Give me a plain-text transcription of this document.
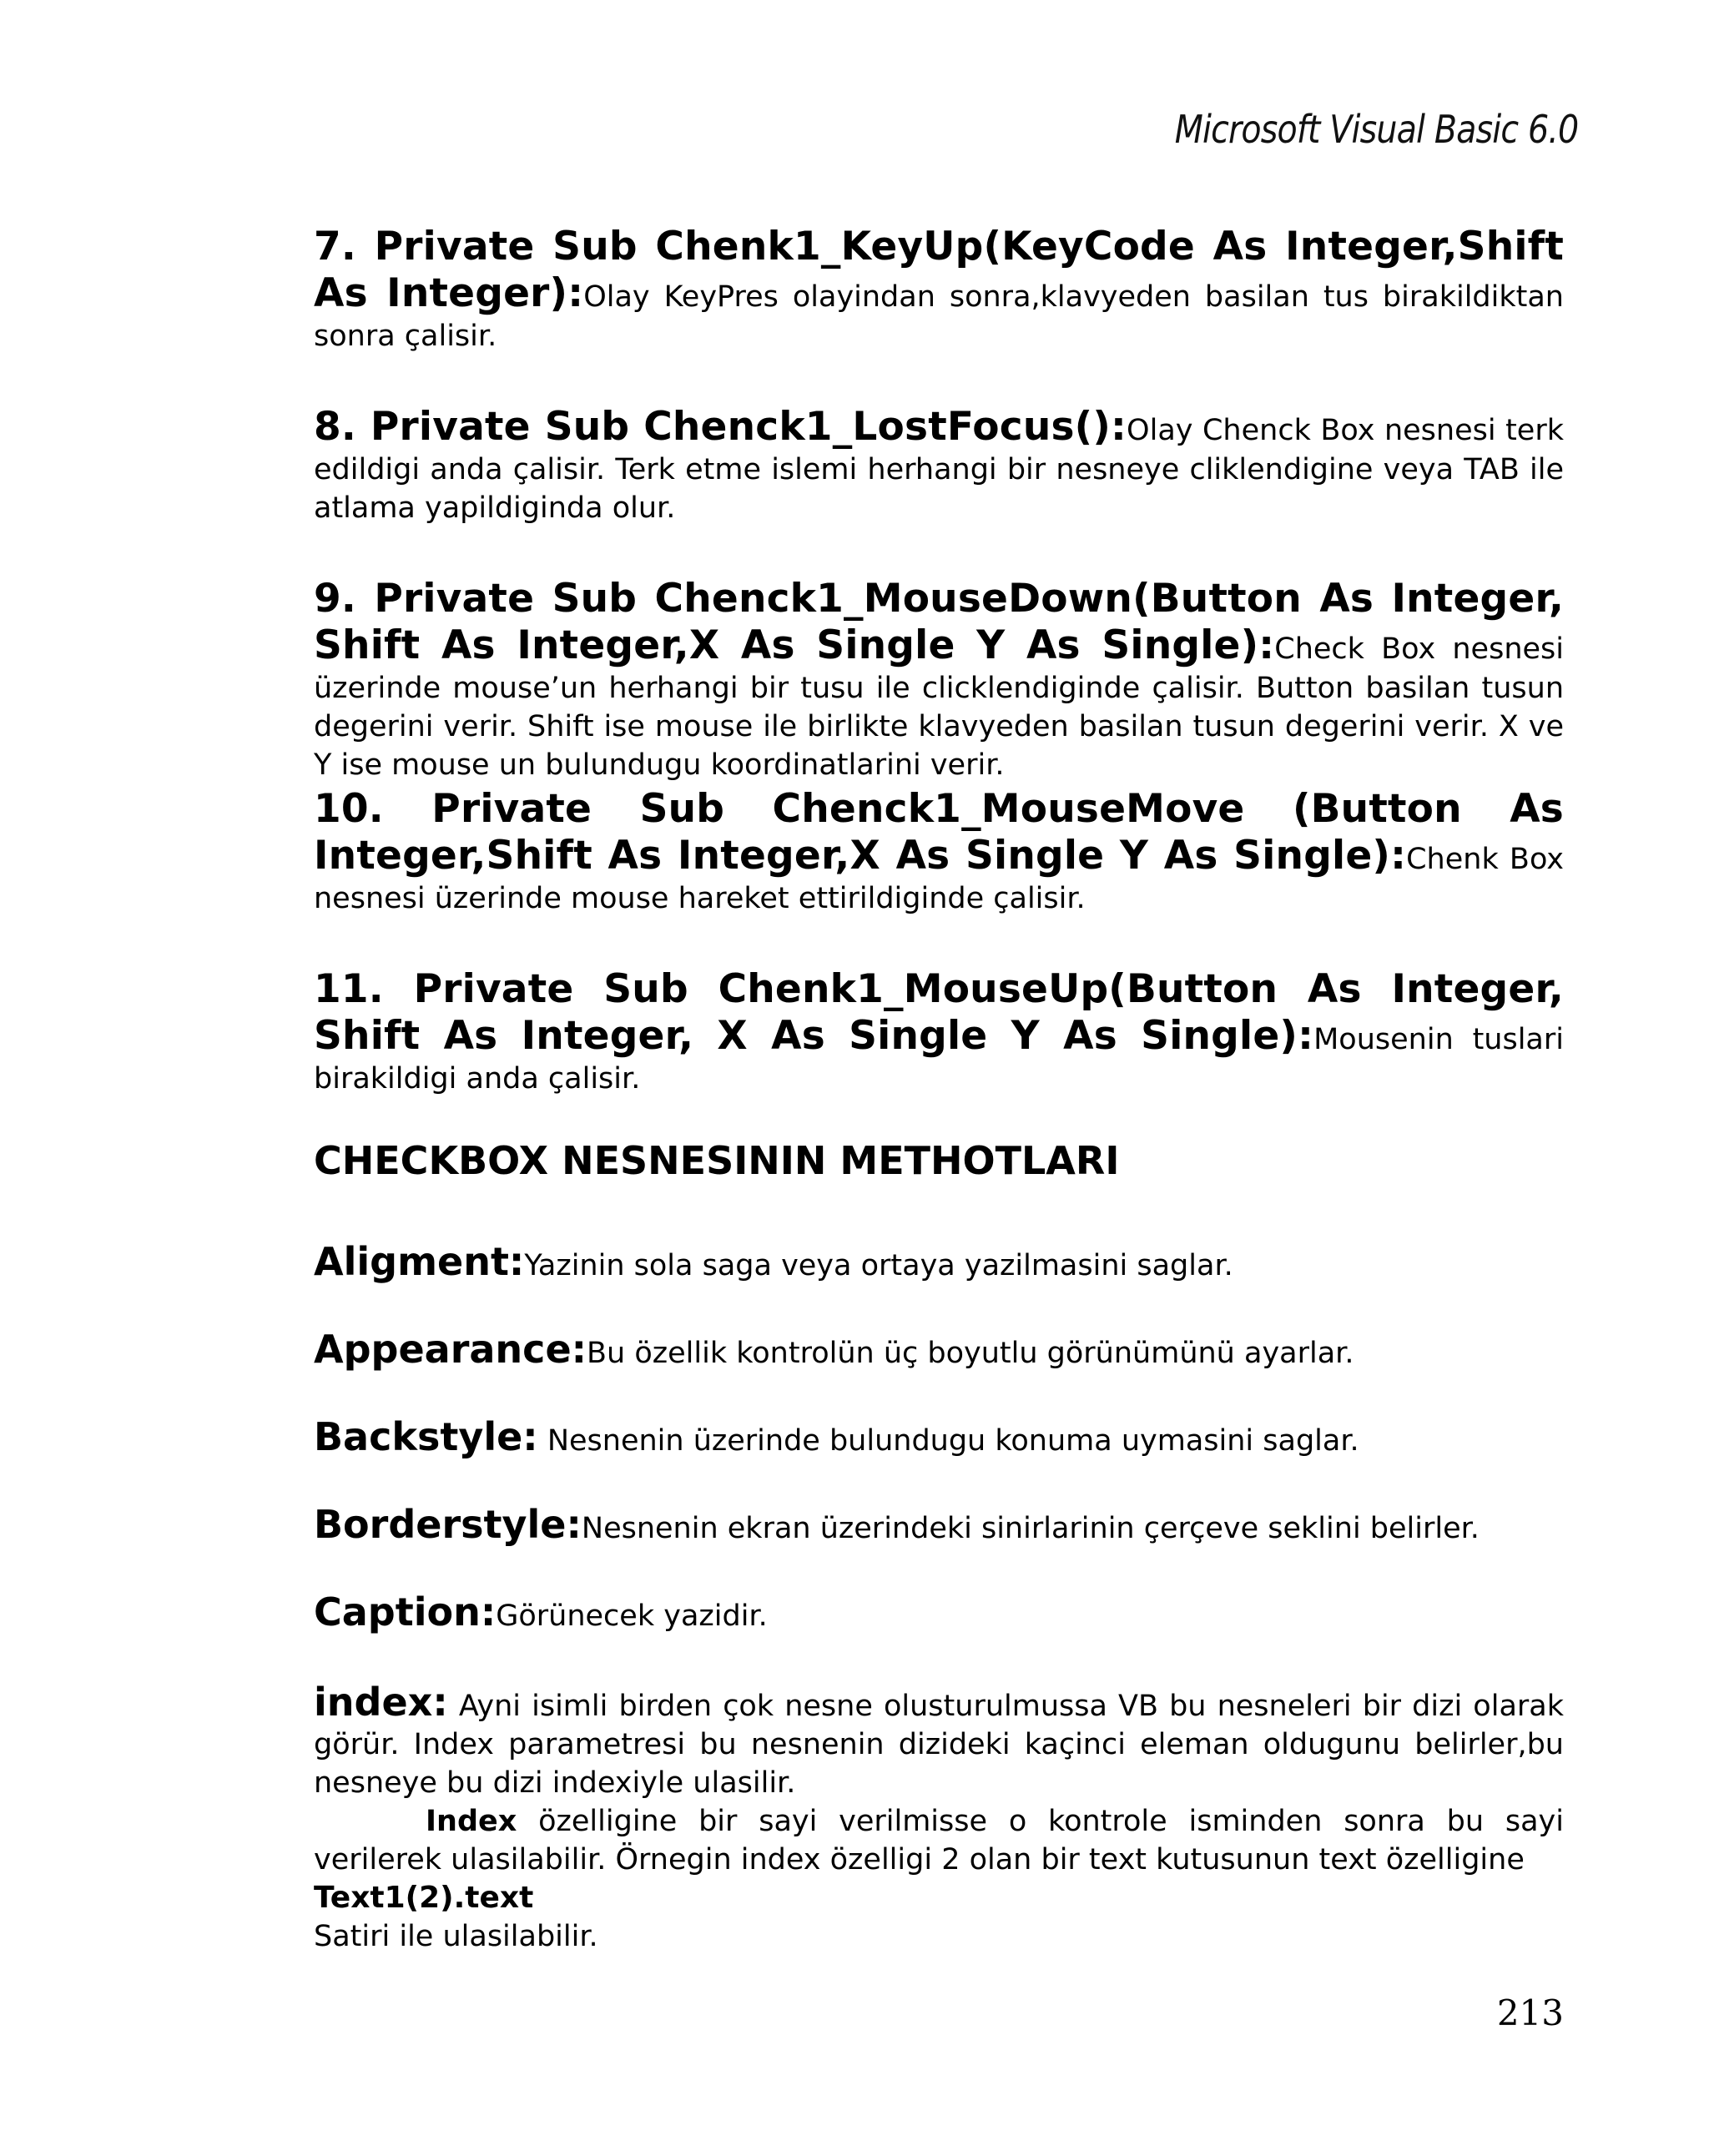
Microsoft Visual Basic 6.0

7. Private Sub Chenk1_KeyUp(KeyCode As Integer,Shift As Integer):Olay KeyPres olayindan sonra,klavyeden basilan tus birakildiktan sonra çalisir.

8. Private Sub Chenck1_LostFocus():Olay Chenck Box nesnesi terk edildigi anda çalisir. Terk etme islemi herhangi bir nesneye cliklendigine veya TAB ile atlama yapildiginda olur.

9. Private Sub Chenck1_MouseDown(Button As Integer, Shift As Integer,X As Single Y As Single):Check Box nesnesi üzerinde mouse’un herhangi bir tusu ile clicklendiginde çalisir. Button basilan tusun degerini verir. Shift ise mouse ile birlikte klavyeden basilan tusun degerini verir. X ve Y ise mouse un bulundugu koordinatlarini verir.

10. Private Sub Chenck1_MouseMove (Button As Integer,Shift As Integer,X As Single Y As Single):Chenk Box nesnesi üzerinde mouse hareket ettirildiginde çalisir.

11. Private Sub Chenk1_MouseUp(Button As Integer, Shift As Integer, X As Single Y As Single):Mousenin tuslari birakildigi anda çalisir.

CHECKBOX NESNESININ METHOTLARI

Aligment:Yazinin sola saga veya ortaya yazilmasini saglar.

Appearance:Bu özellik kontrolün üç boyutlu görünümünü ayarlar.

Backstyle: Nesnenin üzerinde bulundugu konuma uymasini saglar.

Borderstyle:Nesnenin ekran üzerindeki sinirlarinin çerçeve seklini belirler.

Caption:Görünecek yazidir.

index: Ayni isimli birden çok nesne olusturulmussa VB bu nesneleri bir dizi olarak görür. Index parametresi bu nesnenin dizideki kaçinci eleman oldugunu belirler,bu nesneye bu dizi indexiyle ulasilir.

Index özelligine bir sayi verilmisse o kontrole isminden sonra bu sayi verilerek ulasilabilir. Örnegin index özelligi 2 olan bir text kutusunun text özelligine

Text1(2).text

Satiri ile ulasilabilir.

213
